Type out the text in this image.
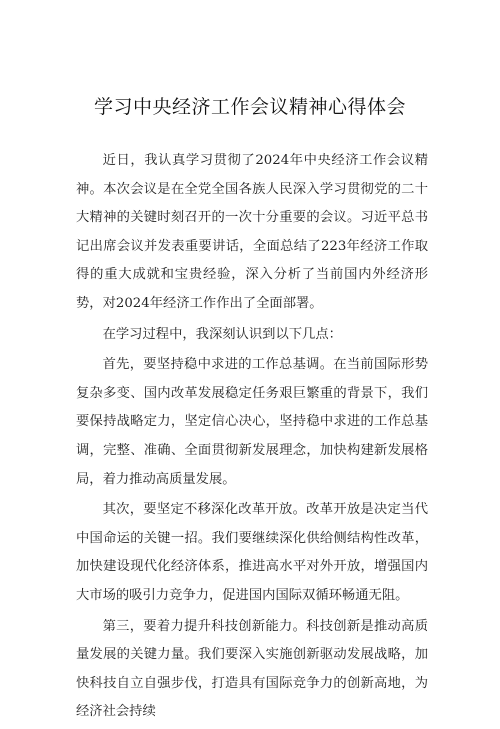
学习中央经济工作会议精神心得体会

近日，我认真学习贯彻了2024年中央经济工作会议精神。本次会议是在全党全国各族人民深入学习贯彻党的二十大精神的关键时刻召开的一次十分重要的会议。习近平总书记出席会议并发表重要讲话，全面总结了223年经济工作取得的重大成就和宝贵经验，深入分析了当前国内外经济形势，对2024年经济工作作出了全面部署。

在学习过程中，我深刻认识到以下几点：

首先，要坚持稳中求进的工作总基调。在当前国际形势复杂多变、国内改革发展稳定任务艰巨繁重的背景下，我们要保持战略定力，坚定信心决心，坚持稳中求进的工作总基调，完整、准确、全面贯彻新发展理念，加快构建新发展格局，着力推动高质量发展。

其次，要坚定不移深化改革开放。改革开放是决定当代中国命运的关键一招。我们要继续深化供给侧结构性改革，加快建设现代化经济体系，推进高水平对外开放，增强国内大市场的吸引力竞争力，促进国内国际双循环畅通无阻。

第三，要着力提升科技创新能力。科技创新是推动高质量发展的关键力量。我们要深入实施创新驱动发展战略，加快科技自立自强步伐，打造具有国际竞争力的创新高地，为经济社会持续
